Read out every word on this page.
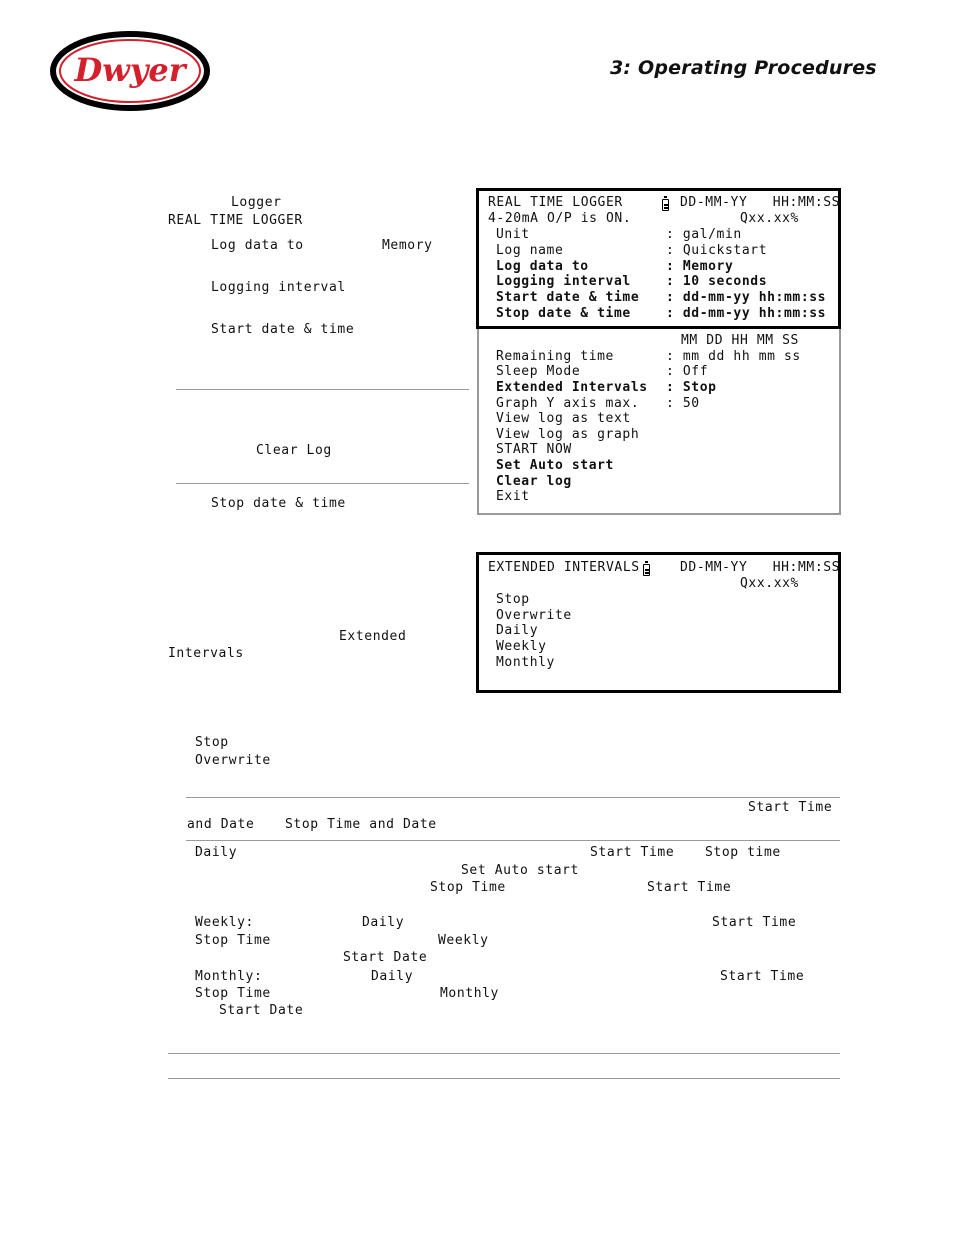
Dwyer	3: Operating Procedures
Logger
REAL TIME LOGGER
Log data to	Memory
Logging interval
Start date & time
Clear Log
Stop date & time
Extended
Intervals
REAL TIME LOGGER	DD-MM-YY   HH:MM:SS
4-20mA O/P is ON.	Qxx.xx%
Unit	: gal/min
Log name	: Quickstart
Log data to	: Memory
Logging interval	: 10 seconds
Start date & time : dd-mm-yy hh:mm:ss
Stop date & time	: dd-mm-yy hh:mm:ss
MM DD HH MM SS
Remaining time	: mm dd hh mm ss
Sleep Mode	: Off
Extended Intervals : Stop
Graph Y axis max. : 50
View log as text
View log as graph
START NOW
Set Auto start
Clear log
Exit
EXTENDED INTERVALS	DD-MM-YY   HH:MM:SS
Qxx.xx%
Stop
Overwrite
Daily
Weekly
Monthly
Stop
Overwrite
Start Time
and Date Stop Time and Date
Daily	Start Time Stop time
Set Auto start
Stop Time	Start Time
Weekly:	Daily	Start Time
Stop Time	Weekly
Start Date
Monthly:	Daily	Start Time
Stop Time	Monthly
Start Date
